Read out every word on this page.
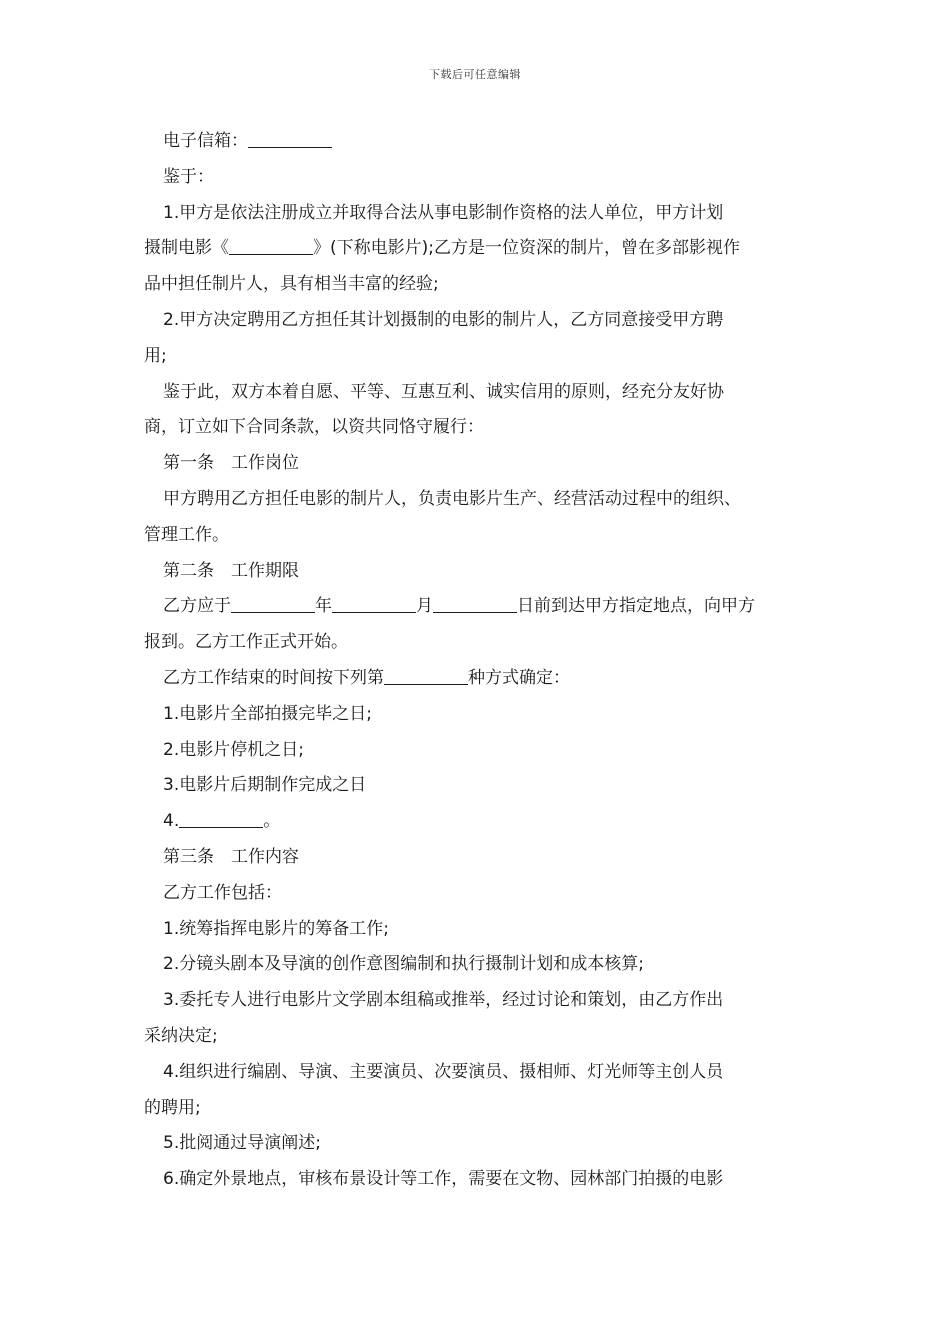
下载后可任意编辑

电子信箱：

鉴于：

1.甲方是依法注册成立并取得合法从事电影制作资格的法人单位，甲方计划

摄制电影《	》(下称电影片);乙方是一位资深的制片，曾在多部影视作

品中担任制片人，具有相当丰富的经验;

2.甲方决定聘用乙方担任其计划摄制的电影的制片人，乙方同意接受甲方聘

用;

鉴于此，双方本着自愿、平等、互惠互利、诚实信用的原则，经充分友好协

商，订立如下合同条款，以资共同恪守履行：

第一条　工作岗位

甲方聘用乙方担任电影的制片人，负责电影片生产、经营活动过程中的组织、

管理工作。

第二条　工作期限

乙方应于	年	月	日前到达甲方指定地点，向甲方

报到。乙方工作正式开始。

乙方工作结束的时间按下列第	种方式确定：

1.电影片全部拍摄完毕之日;

2.电影片停机之日;

3.电影片后期制作完成之日

4.	。

第三条　工作内容

乙方工作包括：

1.统筹指挥电影片的筹备工作;

2.分镜头剧本及导演的创作意图编制和执行摄制计划和成本核算;

3.委托专人进行电影片文学剧本组稿或推举，经过讨论和策划，由乙方作出

采纳决定;

4.组织进行编剧、导演、主要演员、次要演员、摄相师、灯光师等主创人员

的聘用;

5.批阅通过导演阐述;

6.确定外景地点，审核布景设计等工作，需要在文物、园林部门拍摄的电影
